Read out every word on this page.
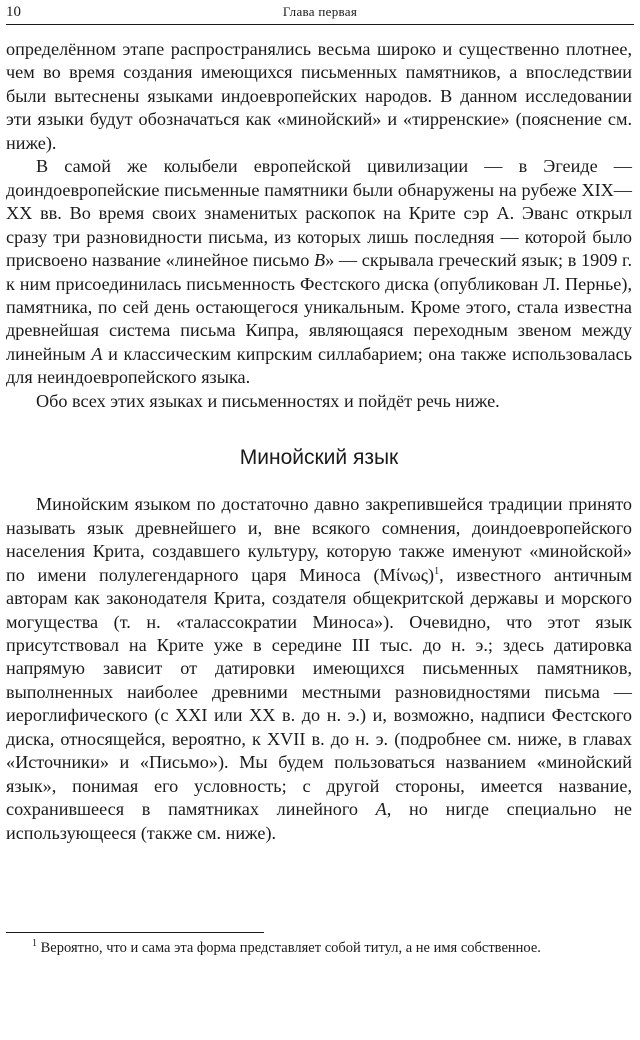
10	Глава первая

определённом этапе распространялись весьма широко и существенно плотнее, чем во время создания имеющихся письменных памятников, а впоследствии были вытеснены языками индоевропейских народов. В данном исследовании эти языки будут обозначаться как «минойский» и «тирренские» (пояснение см. ниже).

В самой же колыбели европейской цивилизации — в Эгеиде — доиндоевропейские письменные памятники были обнаружены на рубеже XIX—XX вв. Во время своих знаменитых раскопок на Крите сэр А. Эванс открыл сразу три разновидности письма, из которых лишь последняя — которой было присвоено название «линейное письмо B» — скрывала греческий язык; в 1909 г. к ним присоединилась письменность Фестского диска (опубликован Л. Пернье), памятника, по сей день остающегося уникальным. Кроме этого, стала известна древнейшая система письма Кипра, являющаяся переходным звеном между линейным A и классическим кипрским силлабарием; она также использовалась для неиндоевропейского языка.

Обо всех этих языках и письменностях и пойдёт речь ниже.

Минойский язык

Минойским языком по достаточно давно закрепившейся традиции принято называть язык древнейшего и, вне всякого сомнения, доиндоевропейского населения Крита, создавшего культуру, которую также именуют «минойской» по имени полулегендарного царя Миноса $(Mί\nu\omega\varsigma)^1$, известного античным авторам как законодателя Крита, создателя общекритской державы и морского могущества (т. н. «талассократии Миноса»). Очевидно, что этот язык присутствовал на Крите уже в середине III тыс. до н. э.; здесь датировка напрямую зависит от датировки имеющихся письменных памятников, выполненных наиболее древними местными разновидностями письма — иероглифического (с XXI или XX в. до н. э.) и, возможно, надписи Фестского диска, относящейся, вероятно, к XVII в. до н. э. (подробнее см. ниже, в главах «Источники» и «Письмо»). Мы будем пользоваться названием «минойский язык», понимая его условность; с другой стороны, имеется название, сохранившееся в памятниках линейного A, но нигде специально не использующееся (также см. ниже).

$^1$ Вероятно, что и сама эта форма представляет собой титул, а не имя собственное.
